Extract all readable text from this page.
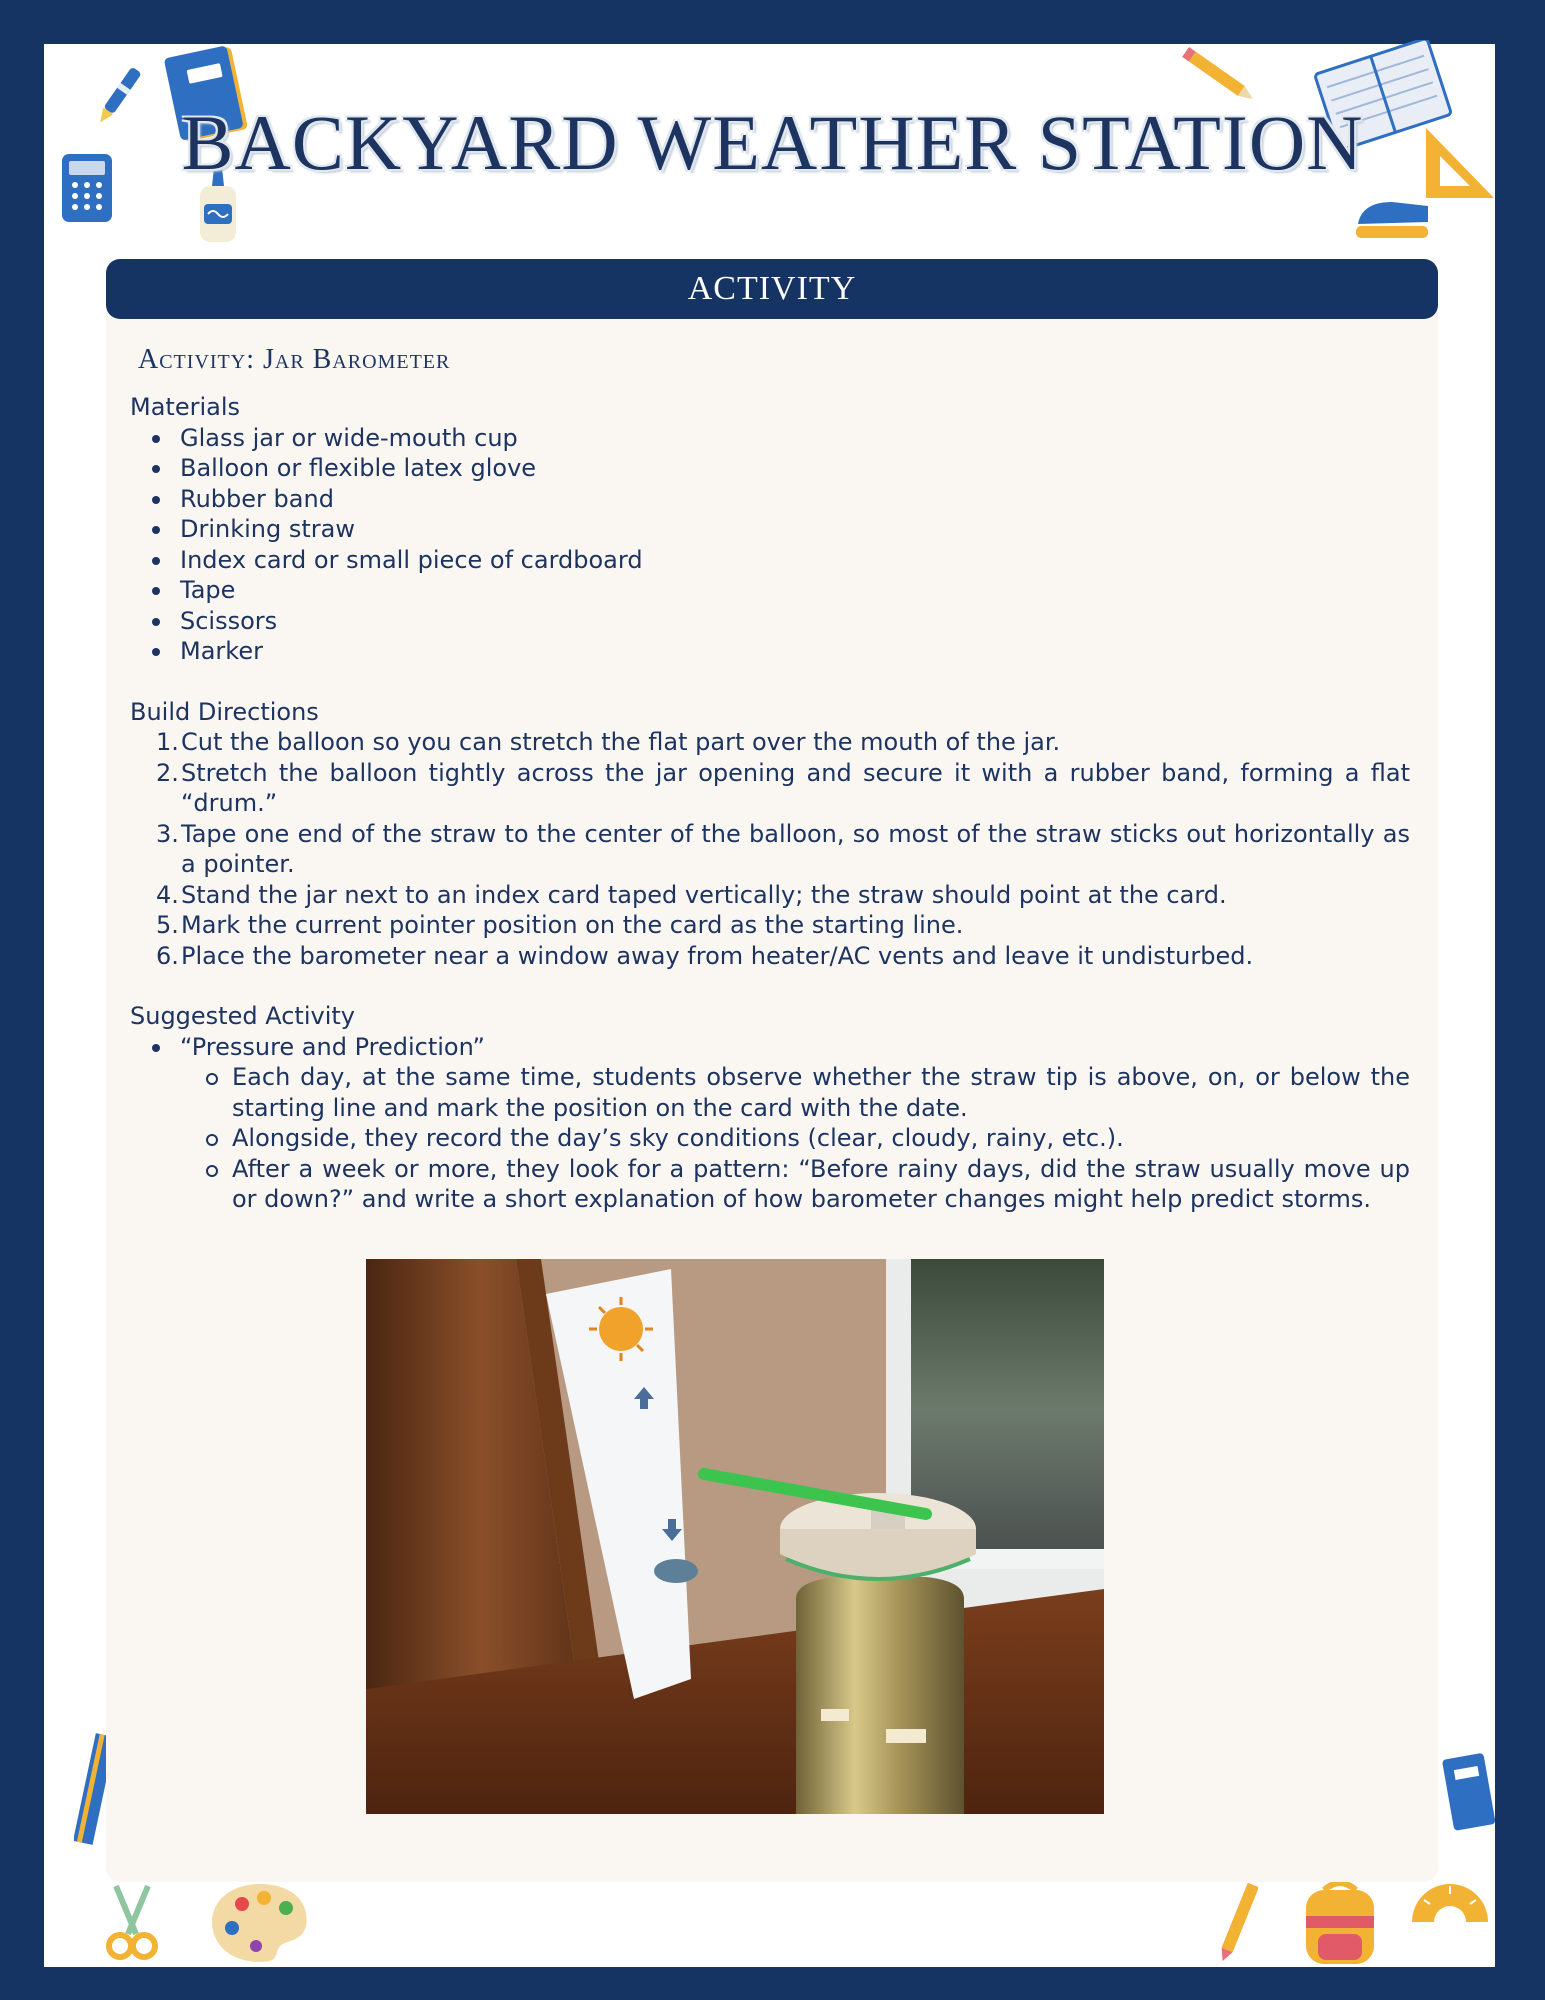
BACKYARD WEATHER STATION
ACTIVITY
Activity: Jar Barometer
Materials
Glass jar or wide-mouth cup
Balloon or flexible latex glove
Rubber band
Drinking straw
Index card or small piece of cardboard
Tape
Scissors
Marker
Build Directions
1. Cut the balloon so you can stretch the flat part over the mouth of the jar.
2. Stretch the balloon tightly across the jar opening and secure it with a rubber band, forming a flat “drum.”
3. Tape one end of the straw to the center of the balloon, so most of the straw sticks out horizontally as a pointer.
4. Stand the jar next to an index card taped vertically; the straw should point at the card.
5. Mark the current pointer position on the card as the starting line.
6. Place the barometer near a window away from heater/AC vents and leave it undisturbed.
Suggested Activity
“Pressure and Prediction”
Each day, at the same time, students observe whether the straw tip is above, on, or below the starting line and mark the position on the card with the date.
Alongside, they record the day’s sky conditions (clear, cloudy, rainy, etc.).
After a week or more, they look for a pattern: “Before rainy days, did the straw usually move up or down?” and write a short explanation of how barometer changes might help predict storms.
